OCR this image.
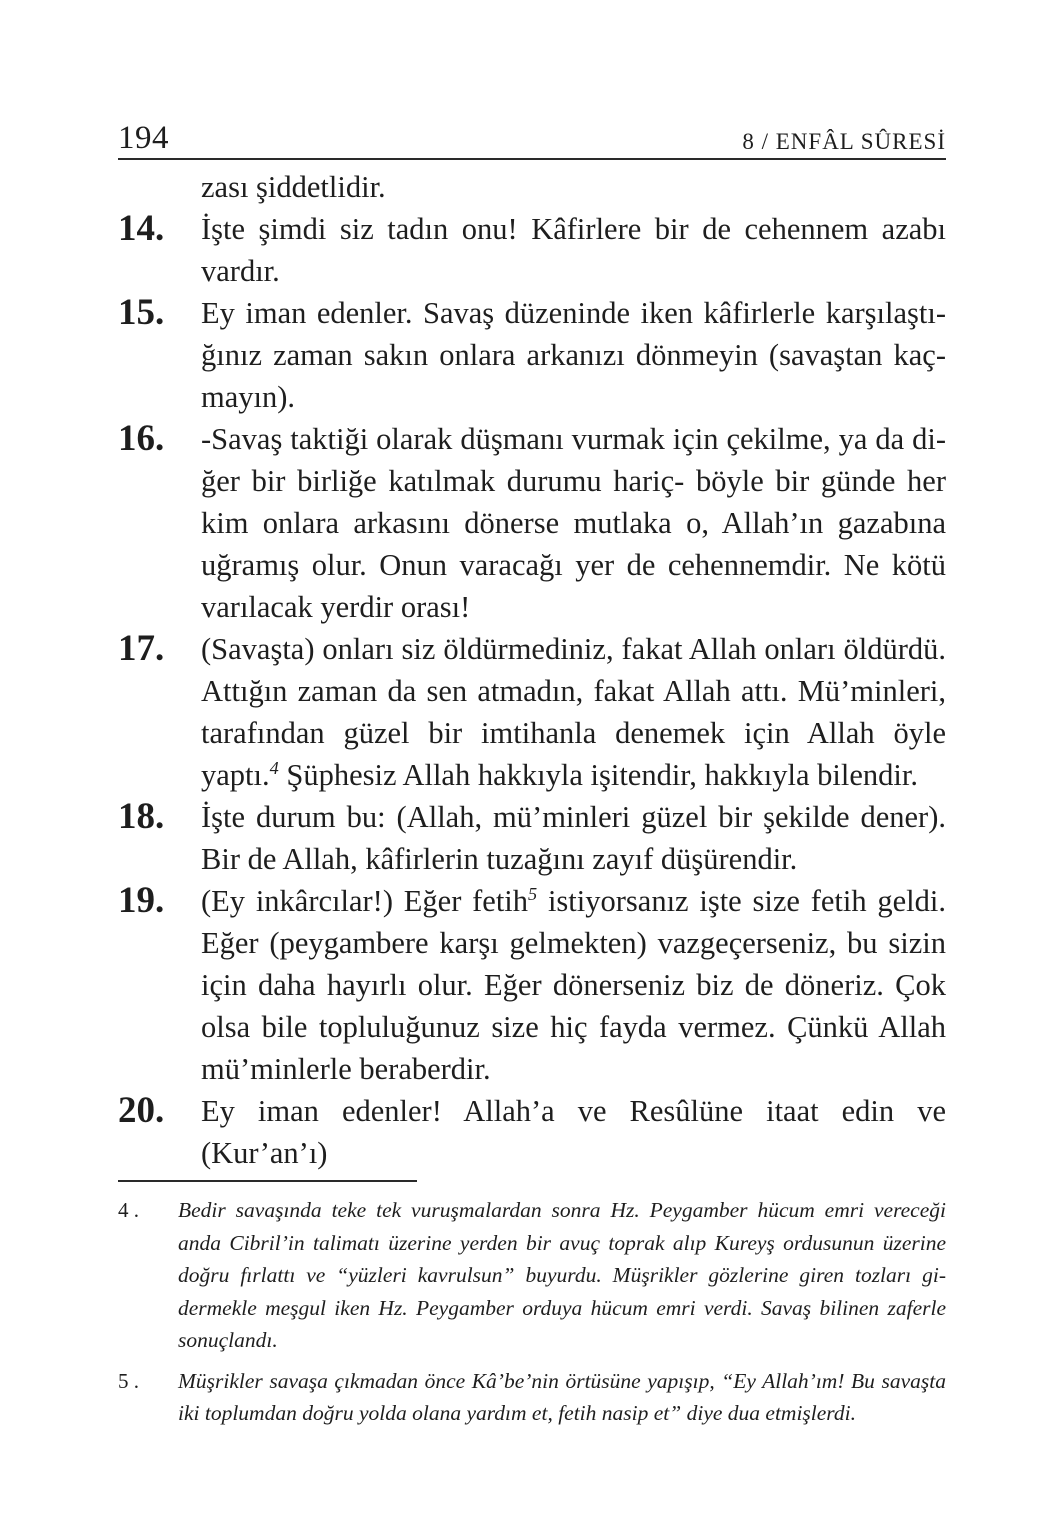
194	8 / ENFÂL SÛRESİ
zası şiddetlidir.
14. İşte şimdi siz tadın onu! Kâfirlere bir de cehennem azabı vardır.
15. Ey iman edenler. Savaş düzeninde iken kâfirlerle karşılaştığınız zaman sakın onlara arkanızı dönmeyin (savaştan kaçmayın).
16. -Savaş taktiği olarak düşmanı vurmak için çekilme, ya da diğer bir birliğe katılmak durumu hariç- böyle bir günde her kim onlara arkasını dönerse mutlaka o, Allah’ın gazabına uğramış olur. Onun varacağı yer de cehennemdir. Ne kötü varılacak yerdir orası!
17. (Savaşta) onları siz öldürmediniz, fakat Allah onları öldürdü. Attığın zaman da sen atmadın, fakat Allah attı. Mü’minleri, tarafından güzel bir imtihanla denemek için Allah öyle yaptı.$^4$ Şüphesiz Allah hakkıyla işitendir, hakkıyla bilendir.
18. İşte durum bu: (Allah, mü’minleri güzel bir şekilde dener). Bir de Allah, kâfirlerin tuzağını zayıf düşürendir.
19. (Ey inkârcılar!) Eğer fetih$^5$ istiyorsanız işte size fetih geldi. Eğer (peygambere karşı gelmekten) vazgeçerseniz, bu sizin için daha hayırlı olur. Eğer dönerseniz biz de döneriz. Çok olsa bile topluluğunuz size hiç fayda vermez. Çünkü Allah mü’minlerle beraberdir.
20. Ey iman edenler! Allah’a ve Resûlüne itaat edin ve (Kur’an’ı)
4 . Bedir savaşında teke tek vuruşmalardan sonra Hz. Peygamber hücum emri vereceği anda Cibril’in talimatı üzerine yerden bir avuç toprak alıp Kureyş ordusunun üzerine doğru fırlattı ve “yüzleri kavrulsun” buyurdu. Müşrikler gözlerine giren tozları gidermekle meşgul iken Hz. Peygamber orduya hücum emri verdi. Savaş bilinen zaferle sonuçlandı.
5 . Müşrikler savaşa çıkmadan önce Kâ’be’nin örtüsüne yapışıp, “Ey Allah’ım! Bu savaşta iki toplumdan doğru yolda olana yardım et, fetih nasip et” diye dua etmişlerdi.
